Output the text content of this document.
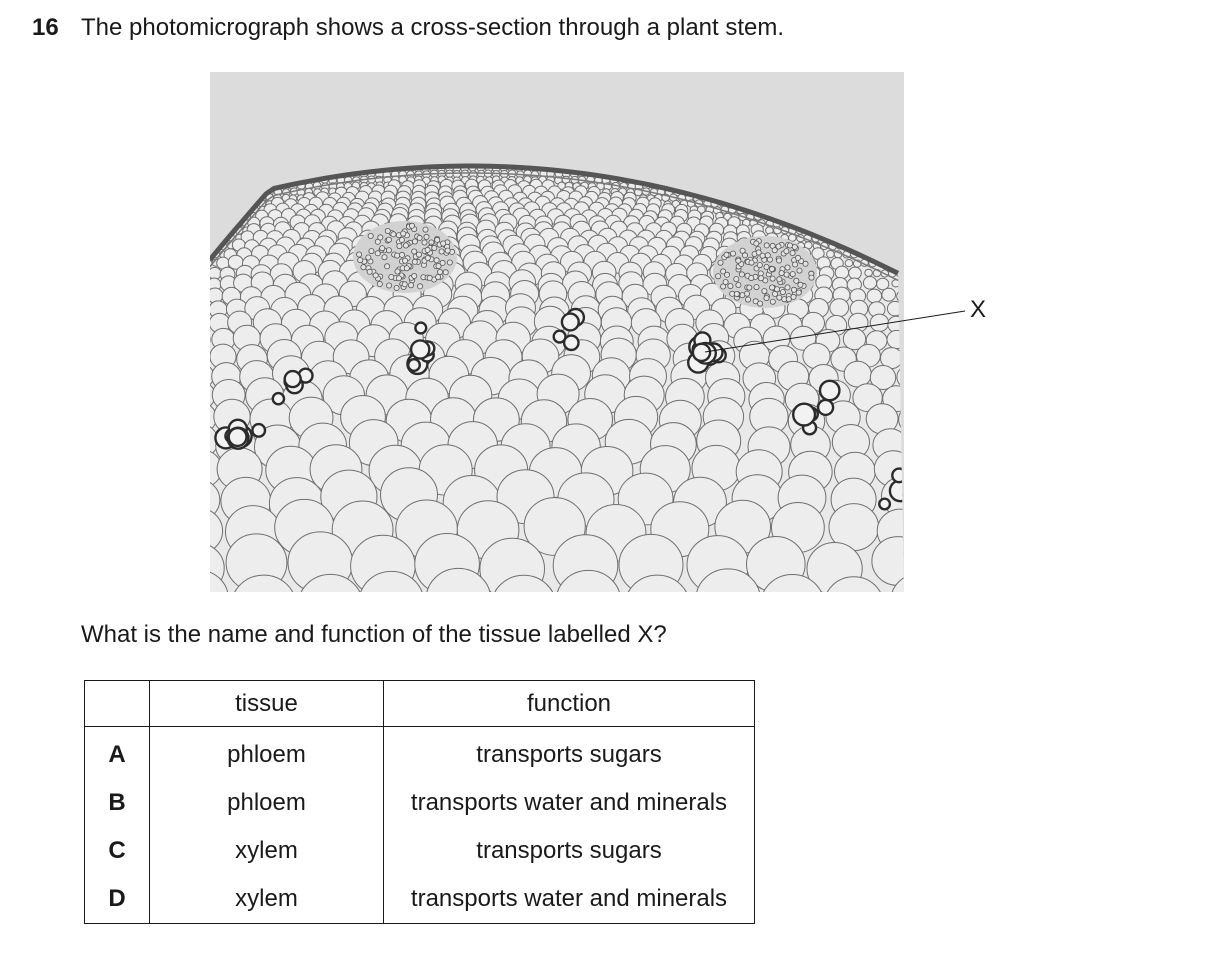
16 The photomicrograph shows a cross-section through a plant stem.
X
What is the name and function of the tissue labelled X?
	tissue	function
A	phloem	transports sugars
B	phloem	transports water and minerals
C	xylem	transports sugars
D	xylem	transports water and minerals
